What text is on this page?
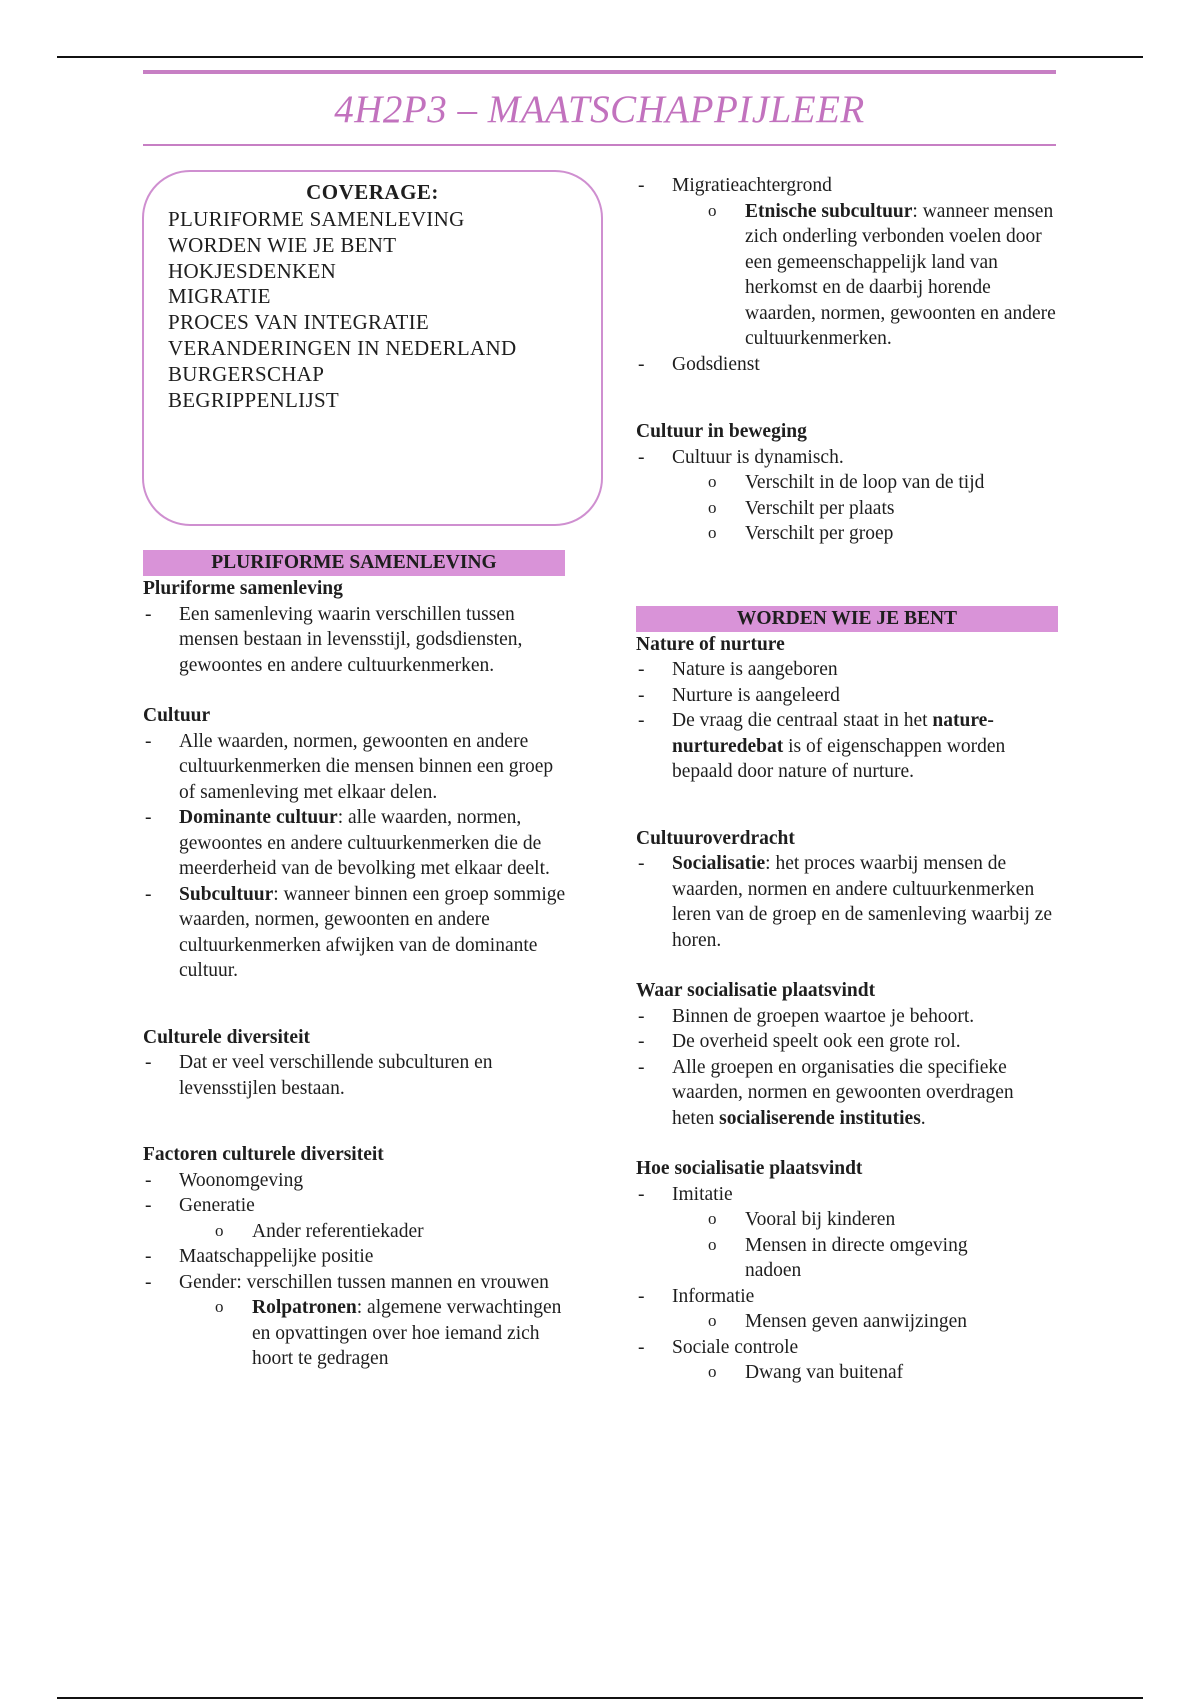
4H2P3 – MAATSCHAPPIJLEER
COVERAGE:
PLURIFORME SAMENLEVING
WORDEN WIE JE BENT
HOKJESDENKEN
MIGRATIE
PROCES VAN INTEGRATIE
VERANDERINGEN IN NEDERLAND
BURGERSCHAP
BEGRIPPENLIJST
PLURIFORME SAMENLEVING
Pluriforme samenleving
- Een samenleving waarin verschillen tussen mensen bestaan in levensstijl, godsdiensten, gewoontes en andere cultuurkenmerken.
Cultuur
- Alle waarden, normen, gewoonten en andere cultuurkenmerken die mensen binnen een groep of samenleving met elkaar delen.
- Dominante cultuur: alle waarden, normen, gewoontes en andere cultuurkenmerken die de meerderheid van de bevolking met elkaar deelt.
- Subcultuur: wanneer binnen een groep sommige waarden, normen, gewoonten en andere cultuurkenmerken afwijken van de dominante cultuur.
Culturele diversiteit
- Dat er veel verschillende subculturen en levensstijlen bestaan.
Factoren culturele diversiteit
- Woonomgeving
- Generatie
o Ander referentiekader
- Maatschappelijke positie
- Gender: verschillen tussen mannen en vrouwen
o Rolpatronen: algemene verwachtingen en opvattingen over hoe iemand zich hoort te gedragen
- Migratieachtergrond
o Etnische subcultuur: wanneer mensen zich onderling verbonden voelen door een gemeenschappelijk land van herkomst en de daarbij horende waarden, normen, gewoonten en andere cultuurkenmerken.
- Godsdienst
Cultuur in beweging
- Cultuur is dynamisch.
o Verschilt in de loop van de tijd
o Verschilt per plaats
o Verschilt per groep
WORDEN WIE JE BENT
Nature of nurture
- Nature is aangeboren
- Nurture is aangeleerd
- De vraag die centraal staat in het nature-nurturedebat is of eigenschappen worden bepaald door nature of nurture.
Cultuuroverdracht
- Socialisatie: het proces waarbij mensen de waarden, normen en andere cultuurkenmerken leren van de groep en de samenleving waarbij ze horen.
Waar socialisatie plaatsvindt
- Binnen de groepen waartoe je behoort.
- De overheid speelt ook een grote rol.
- Alle groepen en organisaties die specifieke waarden, normen en gewoonten overdragen heten socialiserende instituties.
Hoe socialisatie plaatsvindt
- Imitatie
o Vooral bij kinderen
o Mensen in directe omgeving nadoen
- Informatie
o Mensen geven aanwijzingen
- Sociale controle
o Dwang van buitenaf
